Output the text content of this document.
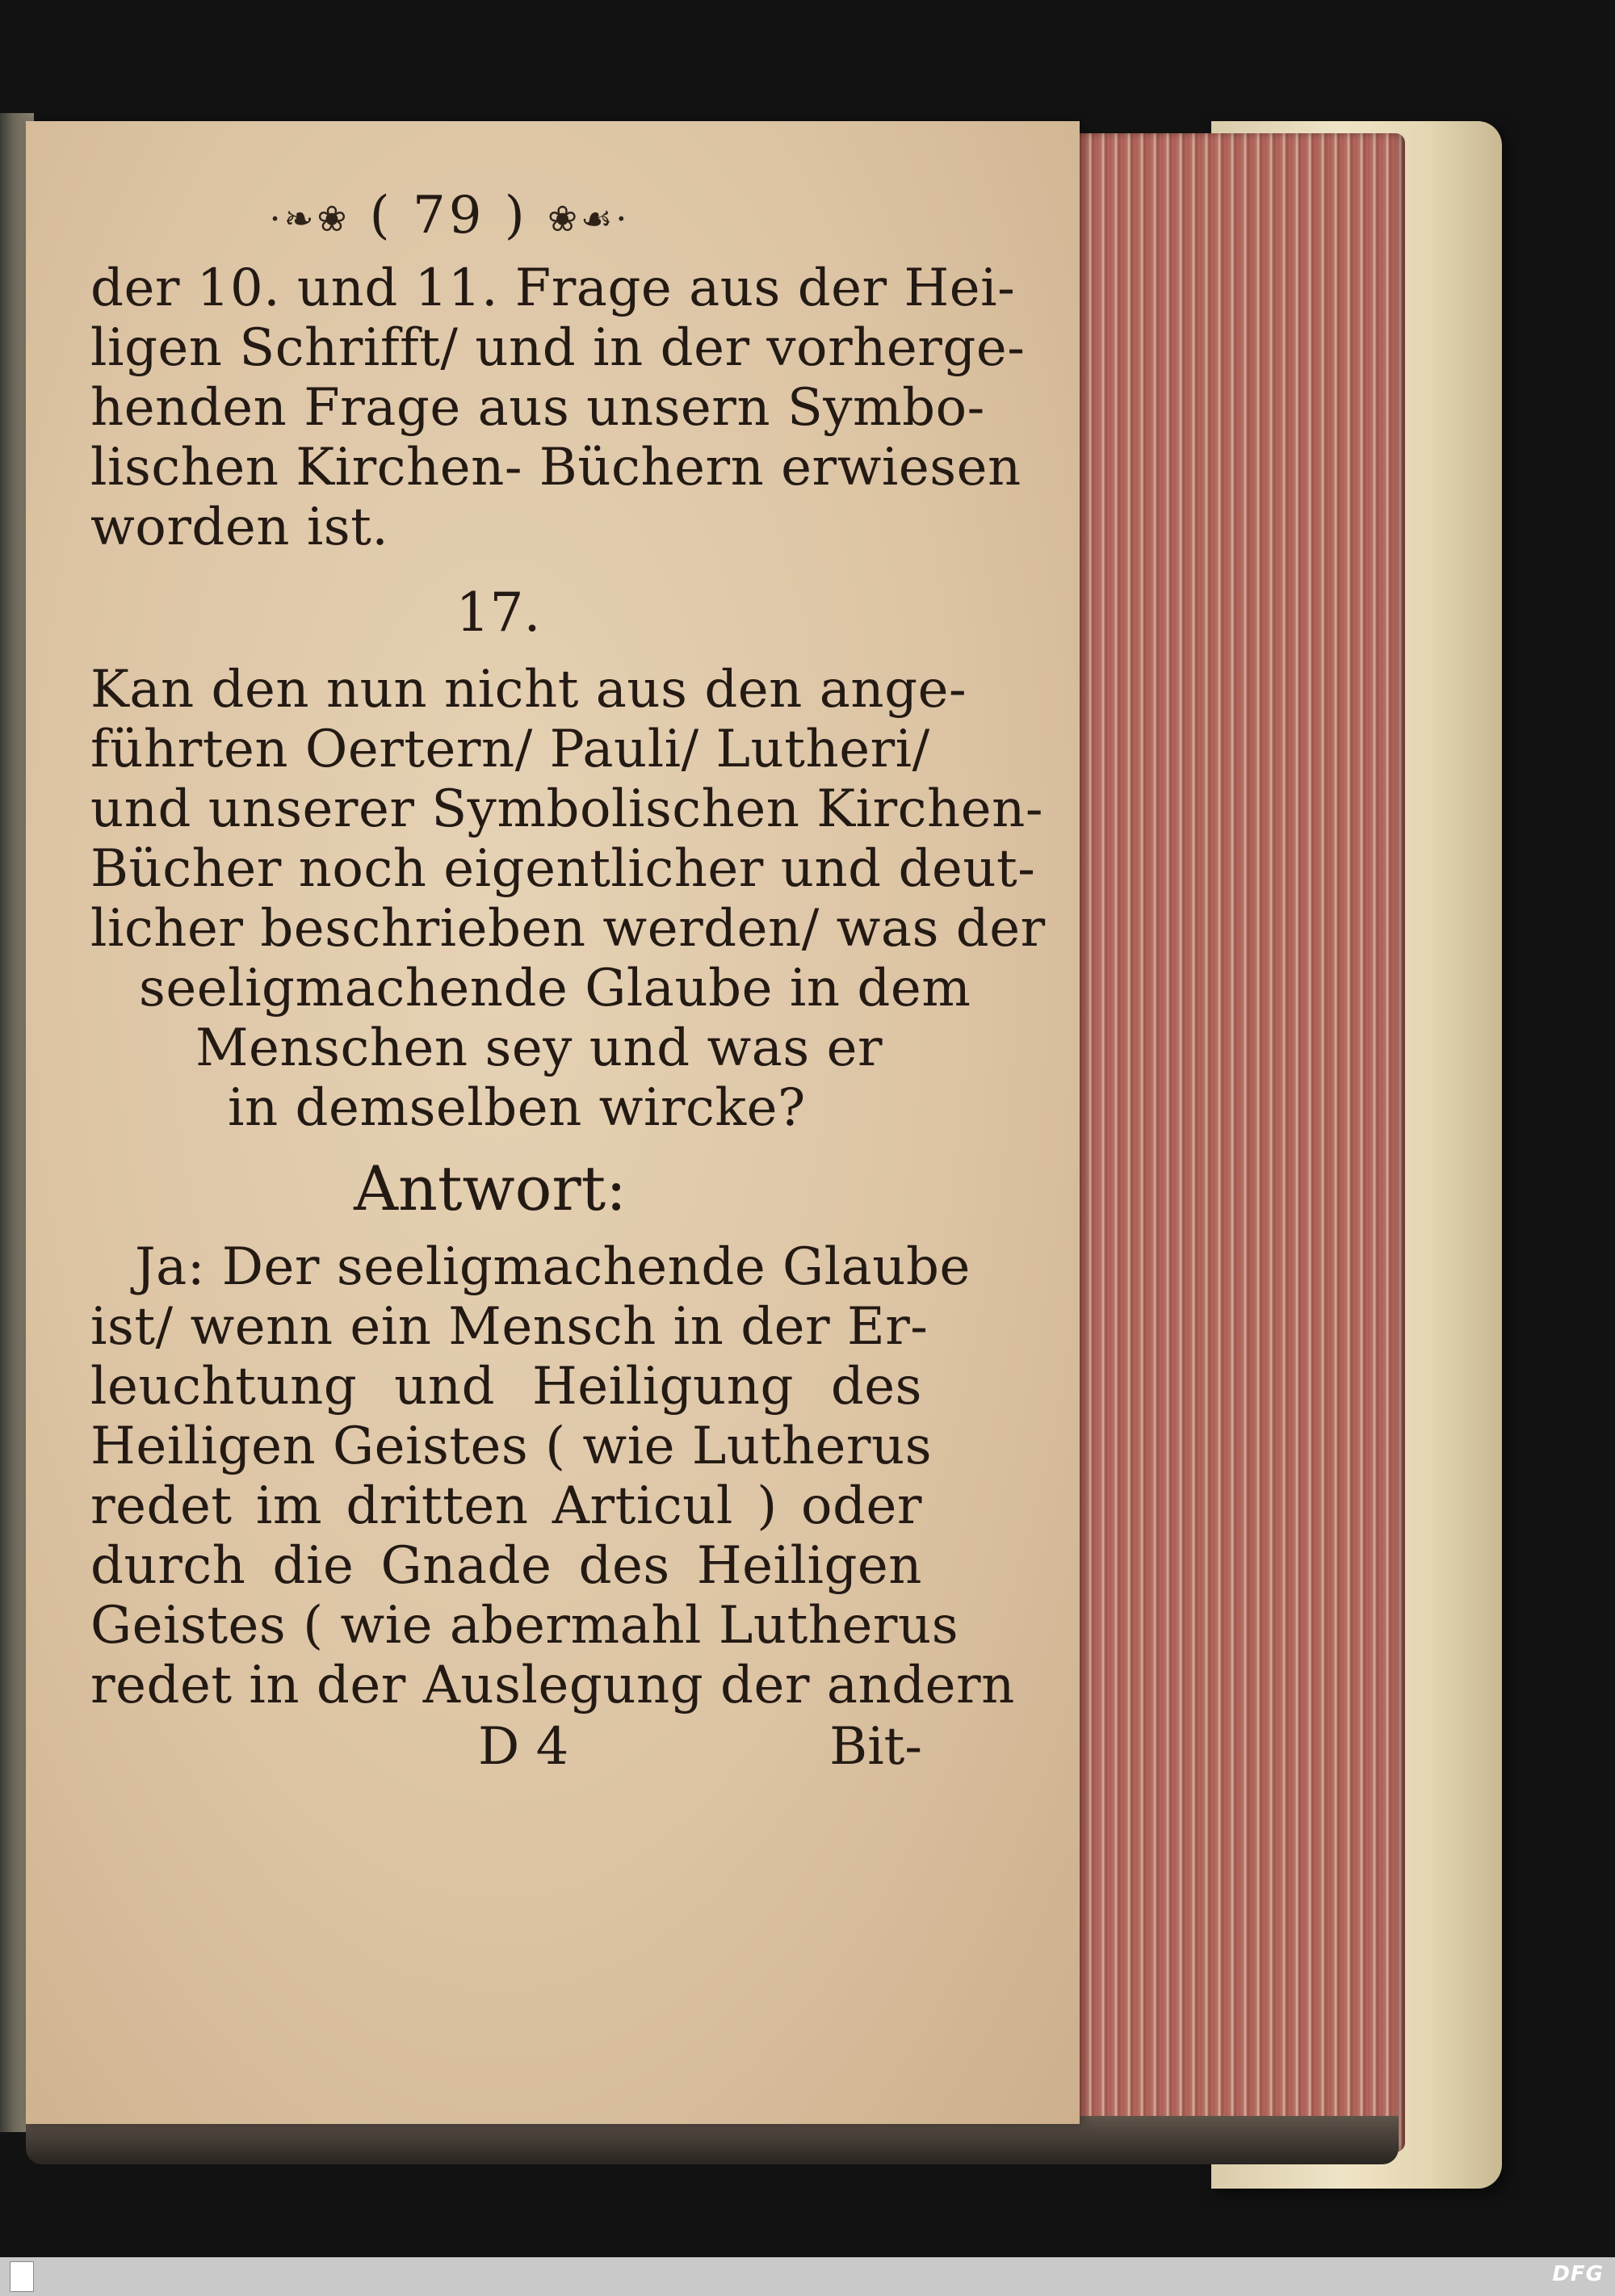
·❧❀ ( 79 ) ❀☙·
der 10. und 11. Frage aus der Hei-
ligen Schrifft/ und in der vorherge-
henden Frage aus unsern Symbo-
lischen Kirchen- Büchern erwiesen
worden ist.
17.
Kan den nun nicht aus den ange-
führten Oertern/ Pauli/ Lutheri/
und unserer Symbolischen Kirchen-
Bücher noch eigentlicher und deut-
licher beschrieben werden/ was der
seeligmachende Glaube in dem
Menschen sey und was er
in demselben wircke?
Antwort:
Ja: Der seeligmachende Glaube
ist/ wenn ein Mensch in der Er-
leuchtung und Heiligung des
Heiligen Geistes ( wie Lutherus
redet im dritten Articul ) oder
durch die Gnade des Heiligen
Geistes ( wie abermahl Lutherus
redet in der Auslegung der andern
D 4	Bit-
DFG
